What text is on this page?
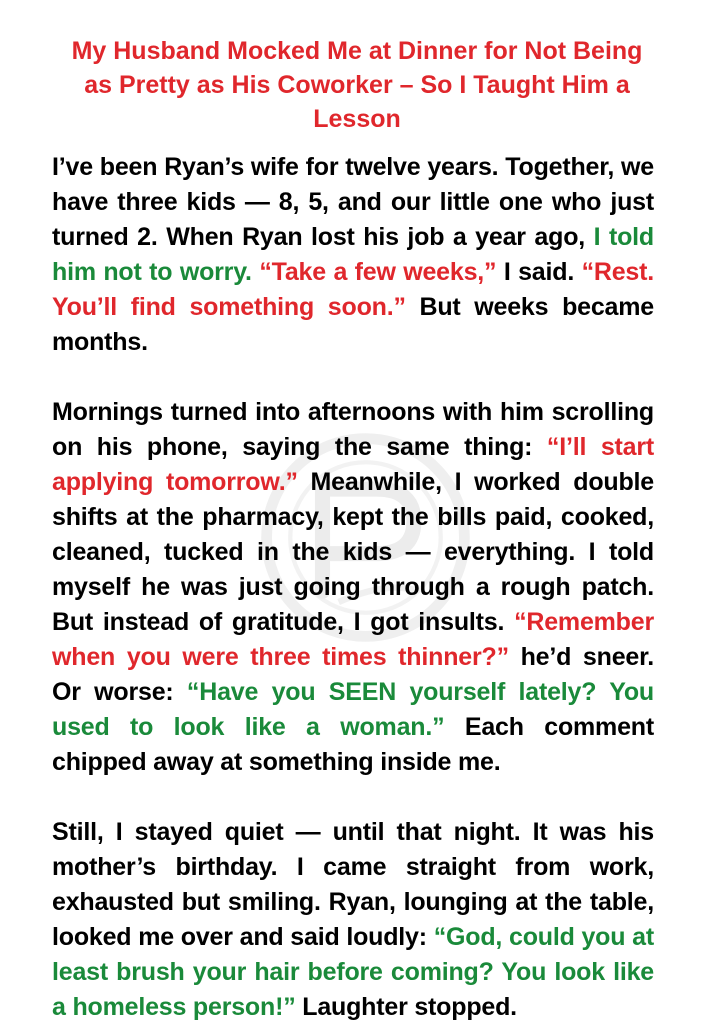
My Husband Mocked Me at Dinner for Not Being as Pretty as His Coworker – So I Taught Him a Lesson
I’ve been Ryan’s wife for twelve years. Together, we have three kids — 8, 5, and our little one who just turned 2. When Ryan lost his job a year ago, I told him not to worry. “Take a few weeks,” I said. “Rest. You’ll find something soon.” But weeks became months.
Mornings turned into afternoons with him scrolling on his phone, saying the same thing: “I’ll start applying tomorrow.” Meanwhile, I worked double shifts at the pharmacy, kept the bills paid, cooked, cleaned, tucked in the kids — everything. I told myself he was just going through a rough patch. But instead of gratitude, I got insults. “Remember when you were three times thinner?” he’d sneer. Or worse: “Have you SEEN yourself lately? You used to look like a woman.” Each comment chipped away at something inside me.
Still, I stayed quiet — until that night. It was his mother’s birthday. I came straight from work, exhausted but smiling. Ryan, lounging at the table, looked me over and said loudly: “God, could you at least brush your hair before coming? You look like a homeless person!” Laughter stopped.
